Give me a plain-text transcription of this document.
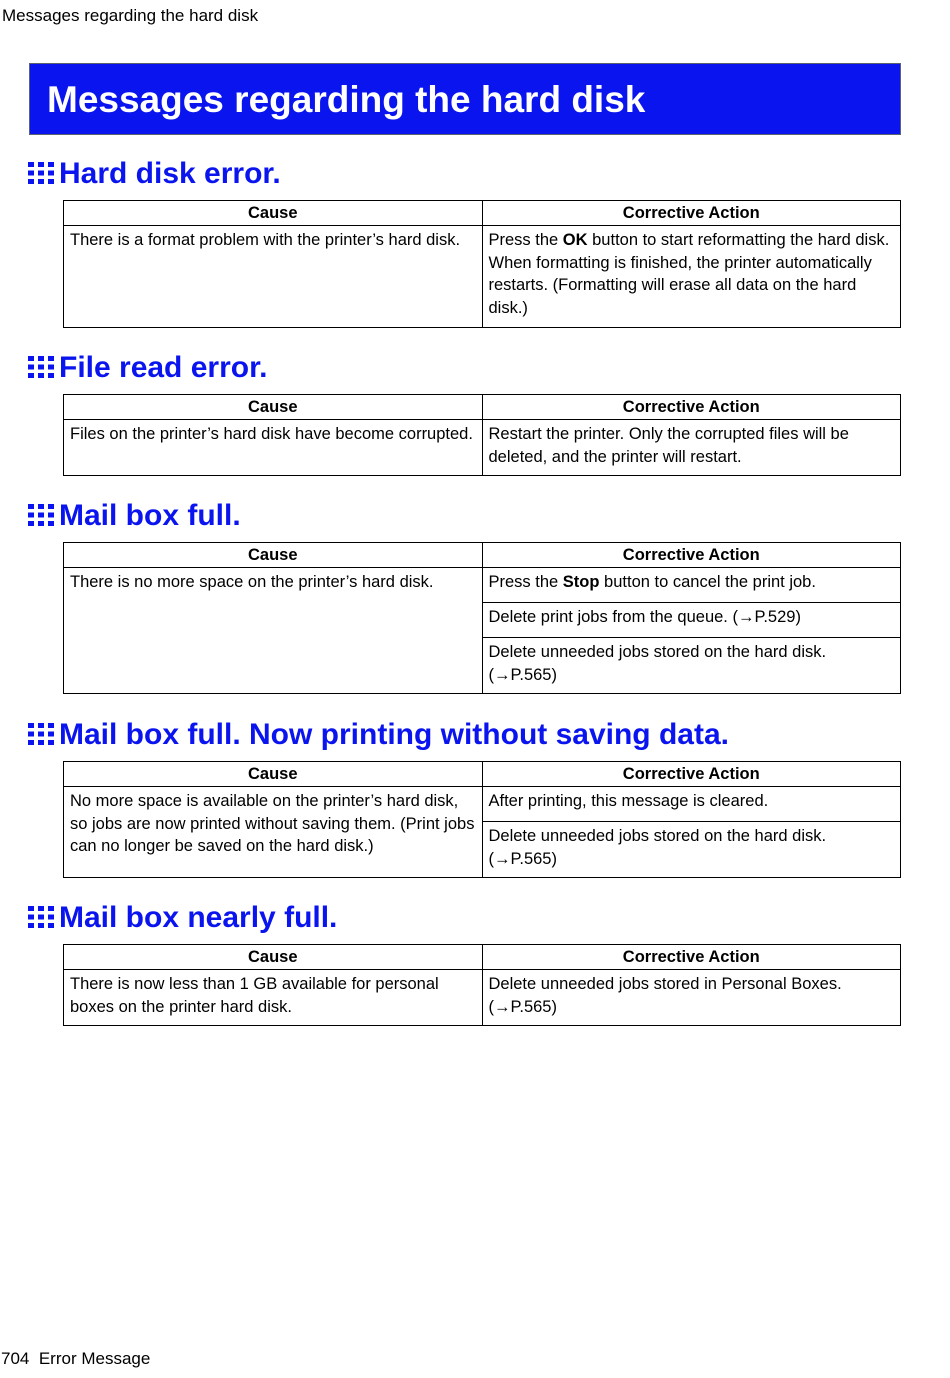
Messages regarding the hard disk
Messages regarding the hard disk
Hard disk error.
Cause	Corrective Action
There is a format problem with the printer’s hard disk.	Press the OK button to start reformatting the hard disk. When formatting is finished, the printer automatically restarts. (Formatting will erase all data on the hard disk.)
File read error.
Cause	Corrective Action
Files on the printer’s hard disk have become corrupted.	Restart the printer. Only the corrupted files will be deleted, and the printer will restart.
Mail box full.
Cause	Corrective Action
There is no more space on the printer’s hard disk.	Press the Stop button to cancel the print job.
	Delete print jobs from the queue. (→P.529)
	Delete unneeded jobs stored on the hard disk. (→P.565)
Mail box full. Now printing without saving data.
Cause	Corrective Action
No more space is available on the printer’s hard disk, so jobs are now printed without saving them. (Print jobs can no longer be saved on the hard disk.)	After printing, this message is cleared.
	Delete unneeded jobs stored on the hard disk. (→P.565)
Mail box nearly full.
Cause	Corrective Action
There is now less than 1 GB available for personal boxes on the printer hard disk.	Delete unneeded jobs stored in Personal Boxes. (→P.565)
704 Error Message
